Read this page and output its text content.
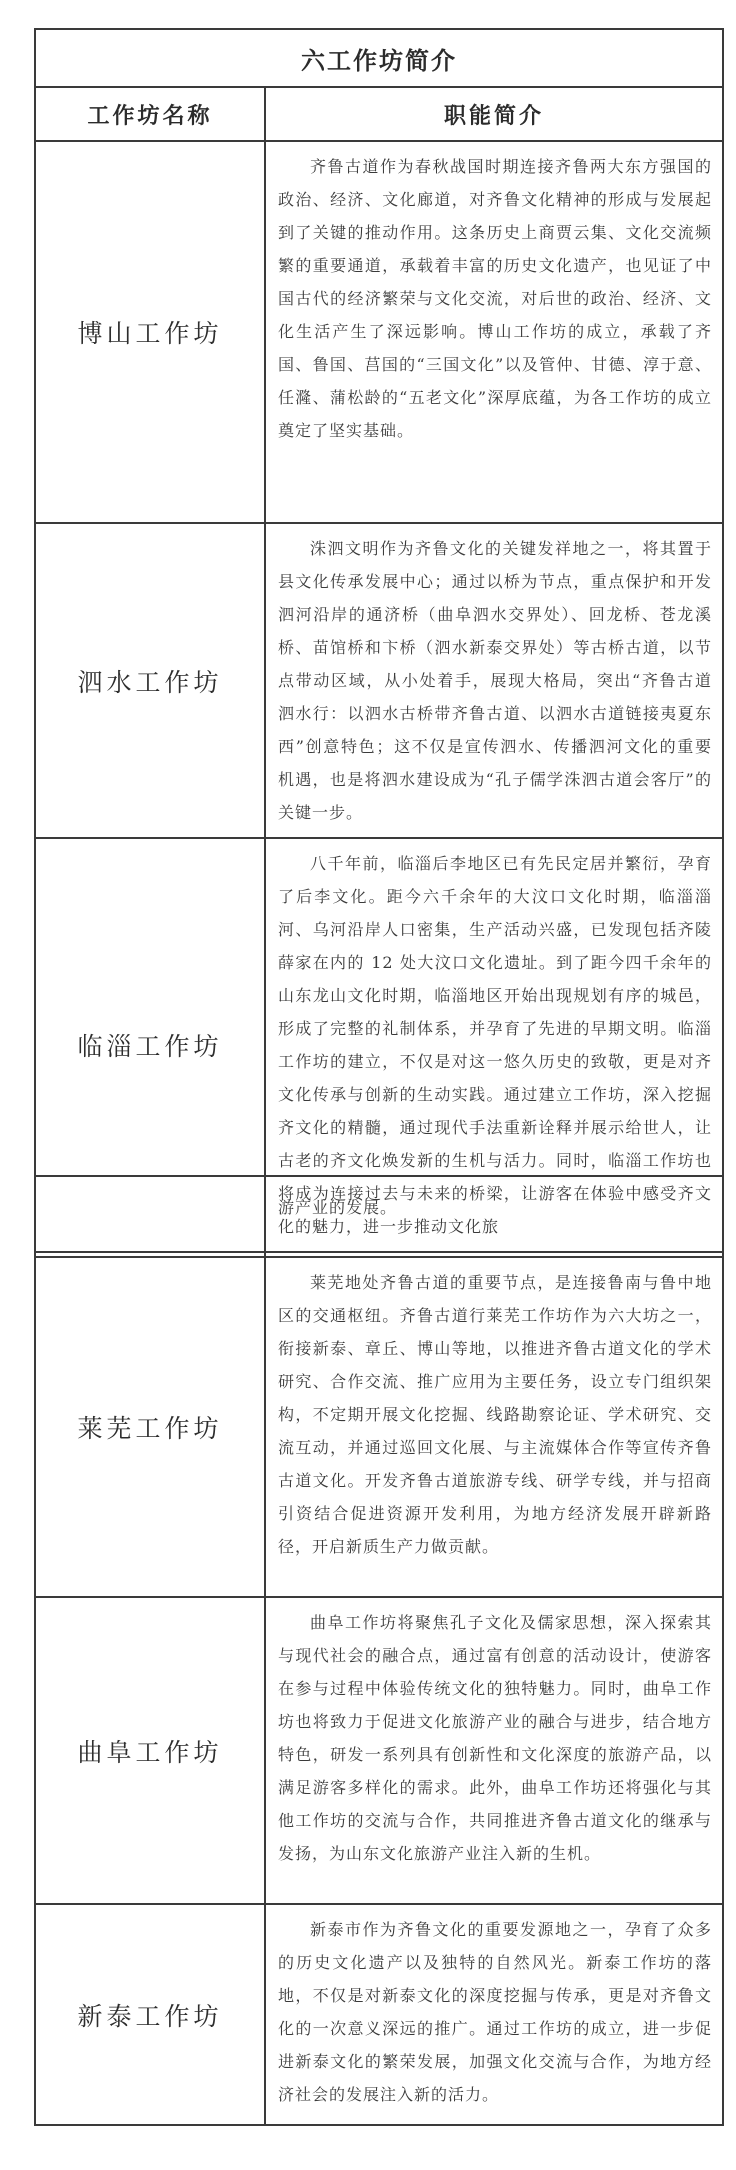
六工作坊简介	
工作坊名称	职能简介
博山工作坊	齐鲁古道作为春秋战国时期连接齐鲁两大东方强国的政治、经济、文化廊道，对齐鲁文化精神的形成与发展起到了关键的推动作用。这条历史上商贾云集、文化交流频繁的重要通道，承载着丰富的历史文化遗产，也见证了中国古代的经济繁荣与文化交流，对后世的政治、经济、文化生活产生了深远影响。博山工作坊的成立，承载了齐国、鲁国、莒国的“三国文化”以及管仲、甘德、淳于意、任漋、蒲松龄的“五老文化”深厚底蕴，为各工作坊的成立奠定了坚实基础。
泗水工作坊	洙泗文明作为齐鲁文化的关键发祥地之一，将其置于县文化传承发展中心；通过以桥为节点，重点保护和开发泗河沿岸的通济桥（曲阜泗水交界处）、回龙桥、苍龙溪桥、苗馆桥和卞桥（泗水新泰交界处）等古桥古道，以节点带动区域，从小处着手，展现大格局，突出“齐鲁古道泗水行：以泗水古桥带齐鲁古道、以泗水古道链接夷夏东西”创意特色；这不仅是宣传泗水、传播泗河文化的重要机遇，也是将泗水建设成为“孔子儒学洙泗古道会客厅”的关键一步。
临淄工作坊	八千年前，临淄后李地区已有先民定居并繁衍，孕育了后李文化。距今六千余年的大汶口文化时期，临淄淄河、乌河沿岸人口密集，生产活动兴盛，已发现包括齐陵薛家在内的 12 处大汶口文化遗址。到了距今四千余年的山东龙山文化时期，临淄地区开始出现规划有序的城邑，形成了完整的礼制体系，并孕育了先进的早期文明。临淄工作坊的建立，不仅是对这一悠久历史的致敬，更是对齐文化传承与创新的生动实践。通过建立工作坊，深入挖掘齐文化的精髓，通过现代手法重新诠释并展示给世人，让古老的齐文化焕发新的生机与活力。同时，临淄工作坊也将成为连接过去与未来的桥梁，让游客在体验中感受齐文化的魅力，进一步推动文化旅
	游产业的发展。
莱芜工作坊	莱芜地处齐鲁古道的重要节点，是连接鲁南与鲁中地区的交通枢纽。齐鲁古道行莱芜工作坊作为六大坊之一，衔接新泰、章丘、博山等地，以推进齐鲁古道文化的学术研究、合作交流、推广应用为主要任务，设立专门组织架构，不定期开展文化挖掘、线路勘察论证、学术研究、交流互动，并通过巡回文化展、与主流媒体合作等宣传齐鲁古道文化。开发齐鲁古道旅游专线、研学专线，并与招商引资结合促进资源开发利用，为地方经济发展开辟新路径，开启新质生产力做贡献。
曲阜工作坊	曲阜工作坊将聚焦孔子文化及儒家思想，深入探索其与现代社会的融合点，通过富有创意的活动设计，使游客在参与过程中体验传统文化的独特魅力。同时，曲阜工作坊也将致力于促进文化旅游产业的融合与进步，结合地方特色，研发一系列具有创新性和文化深度的旅游产品，以满足游客多样化的需求。此外，曲阜工作坊还将强化与其他工作坊的交流与合作，共同推进齐鲁古道文化的继承与发扬，为山东文化旅游产业注入新的生机。
新泰工作坊	新泰市作为齐鲁文化的重要发源地之一，孕育了众多的历史文化遗产以及独特的自然风光。新泰工作坊的落地，不仅是对新泰文化的深度挖掘与传承，更是对齐鲁文化的一次意义深远的推广。通过工作坊的成立，进一步促进新泰文化的繁荣发展，加强文化交流与合作，为地方经济社会的发展注入新的活力。
